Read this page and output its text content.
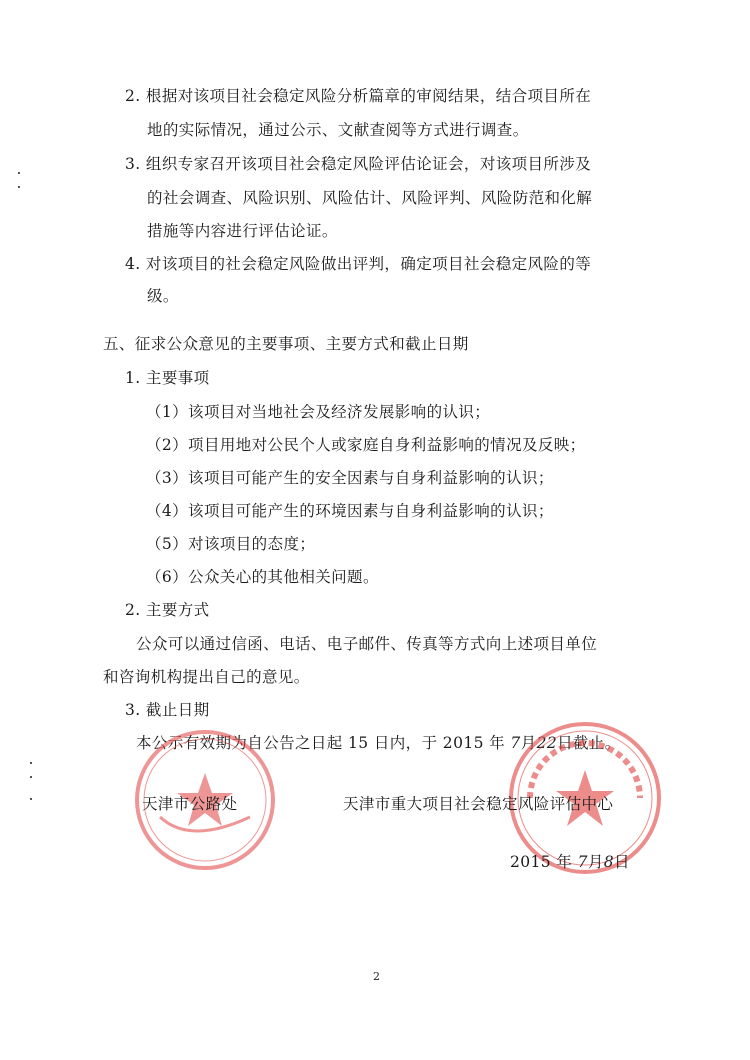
2. 根据对该项目社会稳定风险分析篇章的审阅结果，结合项目所在
地的实际情况，通过公示、文献查阅等方式进行调查。
3. 组织专家召开该项目社会稳定风险评估论证会，对该项目所涉及
的社会调查、风险识别、风险估计、风险评判、风险防范和化解
措施等内容进行评估论证。
4. 对该项目的社会稳定风险做出评判，确定项目社会稳定风险的等
级。
五、征求公众意见的主要事项、主要方式和截止日期
1. 主要事项
（1）该项目对当地社会及经济发展影响的认识；
（2）项目用地对公民个人或家庭自身利益影响的情况及反映；
（3）该项目可能产生的安全因素与自身利益影响的认识；
（4）该项目可能产生的环境因素与自身利益影响的认识；
（5）对该项目的态度；
（6）公众关心的其他相关问题。
2. 主要方式
公众可以通过信函、电话、电子邮件、传真等方式向上述项目单位
和咨询机构提出自己的意见。
3. 截止日期
本公示有效期为自公告之日起 15 日内，于 2015 年 7月22日截止。
天津市公路处	天津市重大项目社会稳定风险评估中心
2015 年 7月8日
2
